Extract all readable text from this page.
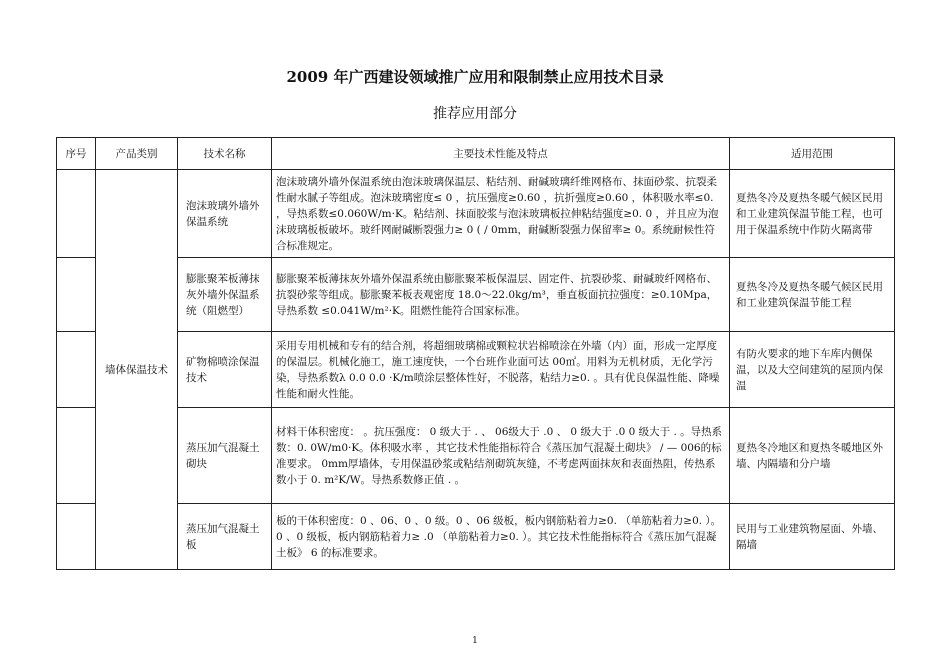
2009 年广西建设领域推广应用和限制禁止应用技术目录
推荐应用部分
序号	产品类别	技术名称	主要技术性能及特点	适用范围
	墙体保温技术	泡沫玻璃外墙外保温系统	泡沫玻璃外墙外保温系统由泡沫玻璃保温层、粘结剂、耐碱玻璃纤维网格布、抹面砂浆、抗裂柔性耐水腻子等组成。泡沫玻璃密度≤ 0 ，抗压强度≥0.60 ，抗折强度≥0.60 ，体积吸水率≤0. ，导热系数≤0.060W/m·K。粘结剂、抹面胶浆与泡沫玻璃板拉伸粘结强度≥0. 0 ，并且应为泡沫玻璃板板破坏。玻纤网耐碱断裂强力≥ 0 ( / 0mm，耐碱断裂强力保留率≥ 0。系统耐候性符合标准规定。	夏热冬冷及夏热冬暖气候区民用和工业建筑保温节能工程，也可用于保温系统中作防火隔离带
		膨胀聚苯板薄抹灰外墙外保温系统（阻燃型）	膨胀聚苯板薄抹灰外墙外保温系统由膨胀聚苯板保温层、固定件、抗裂砂浆、耐碱玻纤网格布、抗裂砂浆等组成。膨胀聚苯板表观密度 18.0～22.0kg/m³，垂直板面抗拉强度：≥0.10Mpa，导热系数 ≤0.041W/m²·K。阻燃性能符合国家标准。	夏热冬冷及夏热冬暖气候区民用和工业建筑保温节能工程
		矿物棉喷涂保温技术	采用专用机械和专有的结合剂，将超细玻璃棉或颗粒状岩棉喷涂在外墙（内）面，形成一定厚度的保温层。机械化施工，施工速度快，一个台班作业面可达 00㎡。用料为无机材质，无化学污染，导热系数λ 0.0 0.0 ·K/m喷涂层整体性好，不脱落，粘结力≥0. 。具有优良保温性能、降噪性能和耐火性能。	有防火要求的地下车库内侧保温，以及大空间建筑的屋顶内保温
		蒸压加气混凝土砌块	材料干体积密度： 。抗压强度： 0 级大于 . 、 06级大于 .0 、 0 级大于 .0 0 级大于 . 。导热系数：0. 0W/m0·K。体积吸水率 ，其它技术性能指标符合《蒸压加气混凝土砌块》 / — 006的标准要求。 0mm厚墙体，专用保温砂浆或粘结剂砌筑灰缝，不考虑两面抹灰和表面热阻，传热系数小于 0. m²K/W。导热系数修正值 . 。	夏热冬冷地区和夏热冬暖地区外墙、内隔墙和分户墙
		蒸压加气混凝土板	板的干体积密度：0 、06、0 、0 级。0 、06 级板，板内钢筋粘着力≥0. （单筋粘着力≥0. ）。0 、0 级板，板内钢筋粘着力≥ .0 （单筋粘着力≥0. ）。其它技术性能指标符合《蒸压加气混凝土板》 6 的标准要求。	民用与工业建筑物屋面、外墙、隔墙
1
